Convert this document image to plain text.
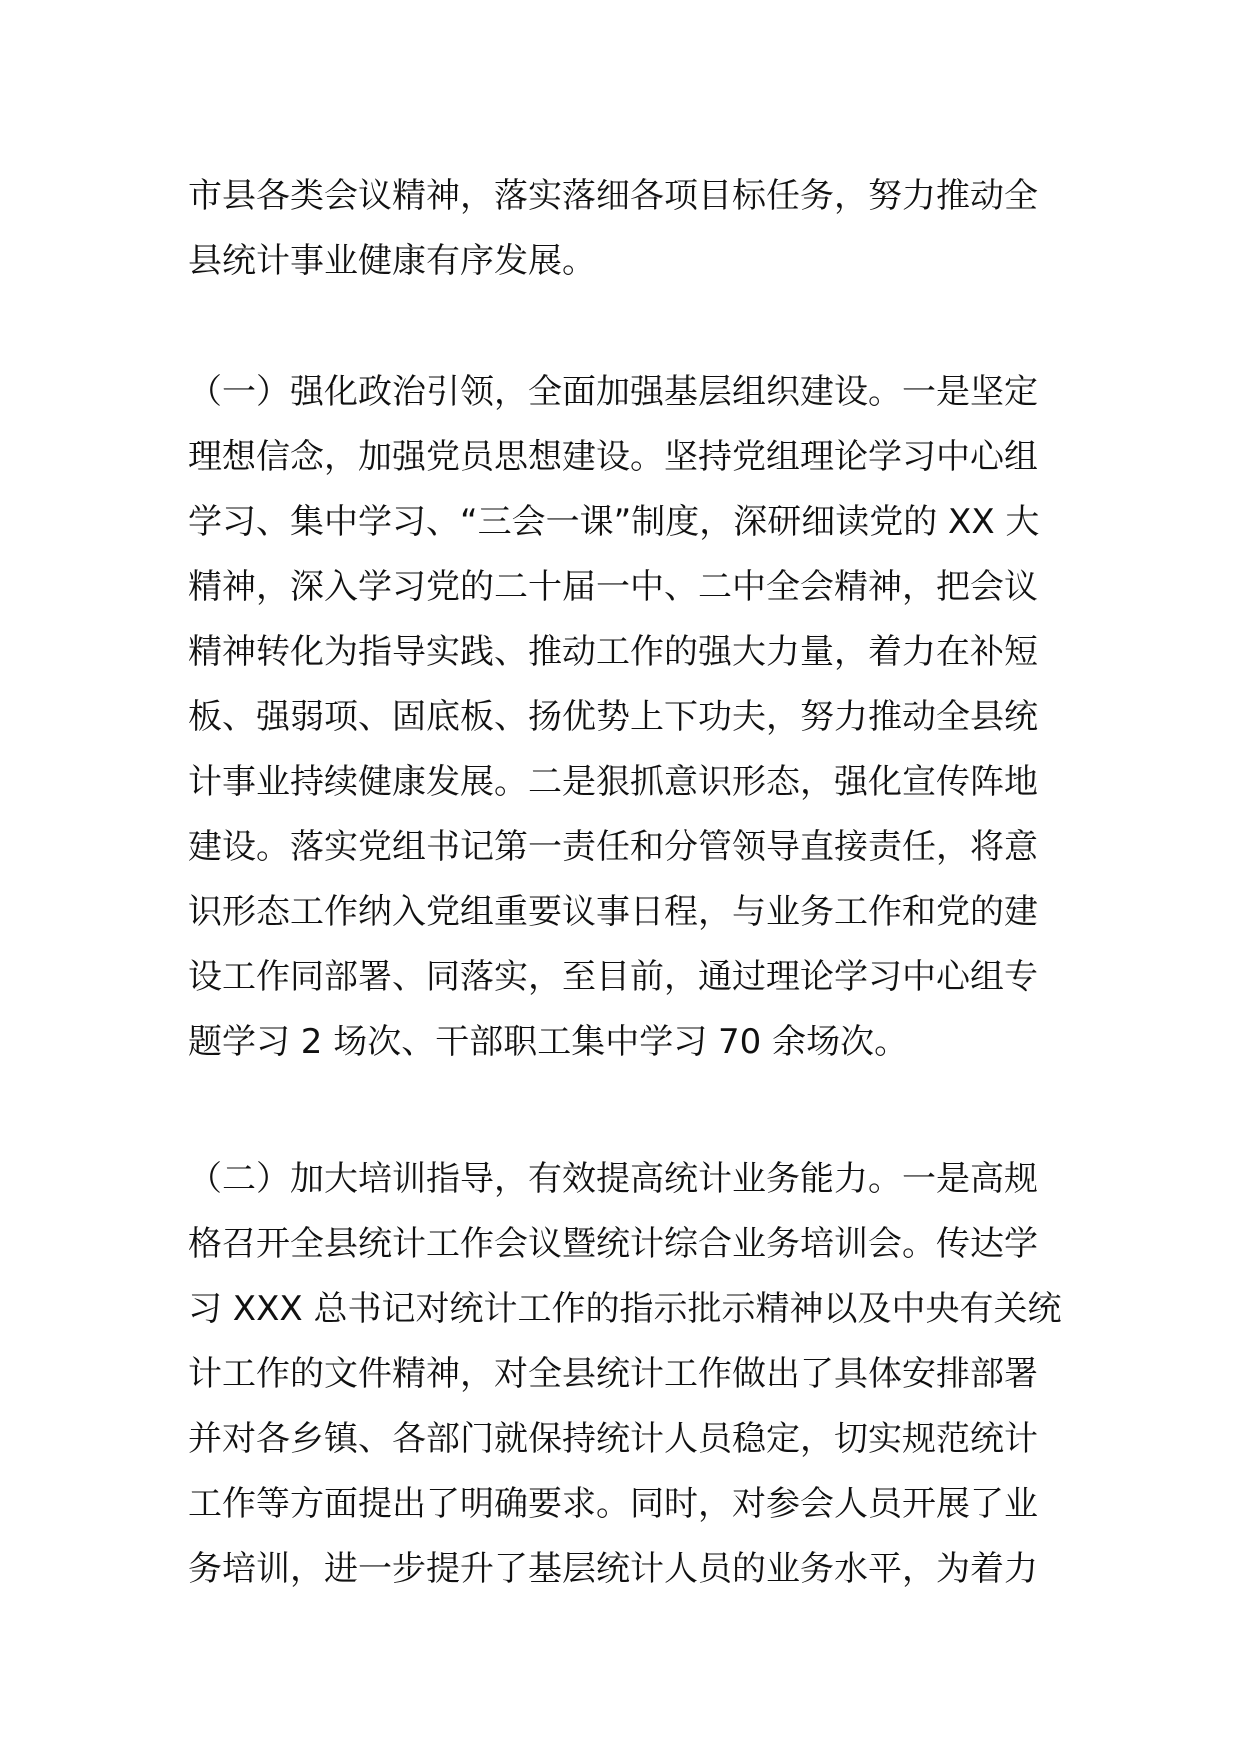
市县各类会议精神，落实落细各项目标任务，努力推动全
县统计事业健康有序发展。
（一）强化政治引领，全面加强基层组织建设。一是坚定
理想信念，加强党员思想建设。坚持党组理论学习中心组
学习、集中学习、“三会一课”制度，深研细读党的 XX 大
精神，深入学习党的二十届一中、二中全会精神，把会议
精神转化为指导实践、推动工作的强大力量，着力在补短
板、强弱项、固底板、扬优势上下功夫，努力推动全县统
计事业持续健康发展。二是狠抓意识形态，强化宣传阵地
建设。落实党组书记第一责任和分管领导直接责任，将意
识形态工作纳入党组重要议事日程，与业务工作和党的建
设工作同部署、同落实，至目前，通过理论学习中心组专
题学习 2 场次、干部职工集中学习 70 余场次。
（二）加大培训指导，有效提高统计业务能力。一是高规
格召开全县统计工作会议暨统计综合业务培训会。传达学
习 XXX 总书记对统计工作的指示批示精神以及中央有关统
计工作的文件精神，对全县统计工作做出了具体安排部署
并对各乡镇、各部门就保持统计人员稳定，切实规范统计
工作等方面提出了明确要求。同时，对参会人员开展了业
务培训，进一步提升了基层统计人员的业务水平，为着力
